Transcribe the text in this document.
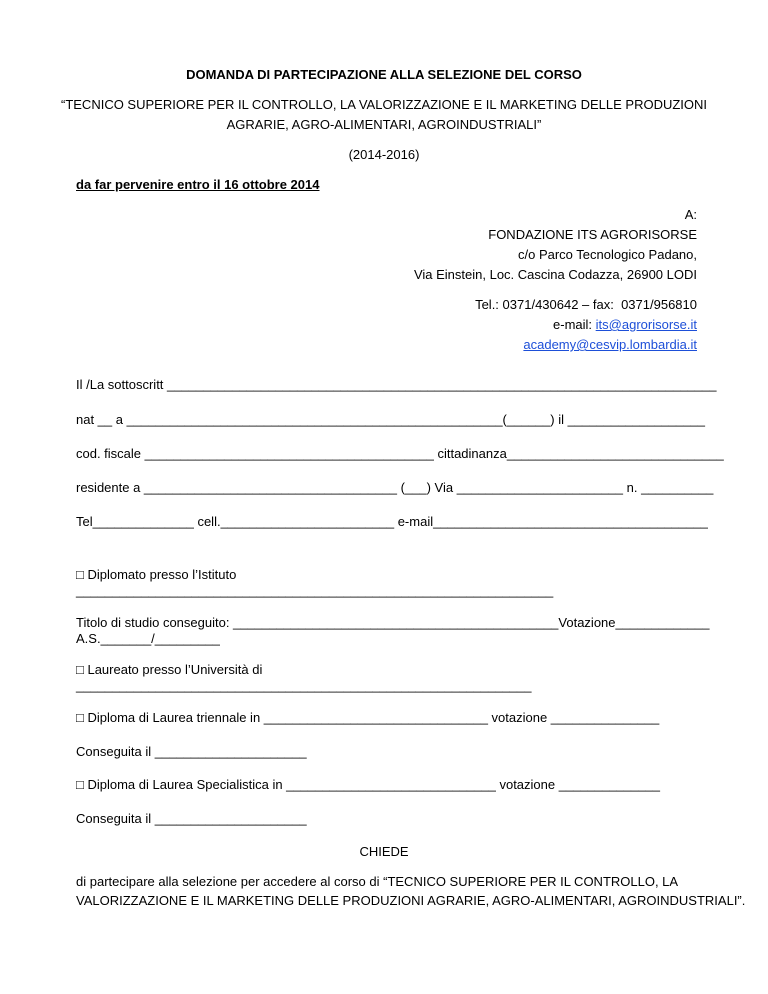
DOMANDA DI PARTECIPAZIONE ALLA SELEZIONE DEL CORSO
“TECNICO SUPERIORE PER IL CONTROLLO, LA VALORIZZAZIONE E IL MARKETING DELLE PRODUZIONI
AGRARIE, AGRO-ALIMENTARI, AGROINDUSTRIALI”
(2014-2016)
da far pervenire entro il 16 ottobre 2014
A:
FONDAZIONE ITS AGRORISORSE
c/o Parco Tecnologico Padano,
Via Einstein, Loc. Cascina Codazza, 26900 LODI
Tel.: 0371/430642 – fax:  0371/956810
e-mail: its@agrorisorse.it
academy@cesvip.lombardia.it
Il /La sottoscritt ____________________________________________________________________________
nat __ a ____________________________________________________(______) il ___________________
cod. fiscale ________________________________________ cittadinanza______________________________
residente a ___________________________________ (___) Via _______________________ n. __________
Tel______________ cell.________________________ e-mail______________________________________
□ Diplomato presso l’Istituto
__________________________________________________________________
Titolo di studio conseguito: _____________________________________________Votazione_____________
A.S._______/_________
□ Laureato presso l’Università di
_______________________________________________________________
□ Diploma di Laurea triennale in _______________________________ votazione _______________
Conseguita il _____________________
□ Diploma di Laurea Specialistica in _____________________________ votazione ______________
Conseguita il _____________________
CHIEDE
di partecipare alla selezione per accedere al corso di “TECNICO SUPERIORE PER IL CONTROLLO, LA
VALORIZZAZIONE E IL MARKETING DELLE PRODUZIONI AGRARIE, AGRO-ALIMENTARI, AGROINDUSTRIALI”.
